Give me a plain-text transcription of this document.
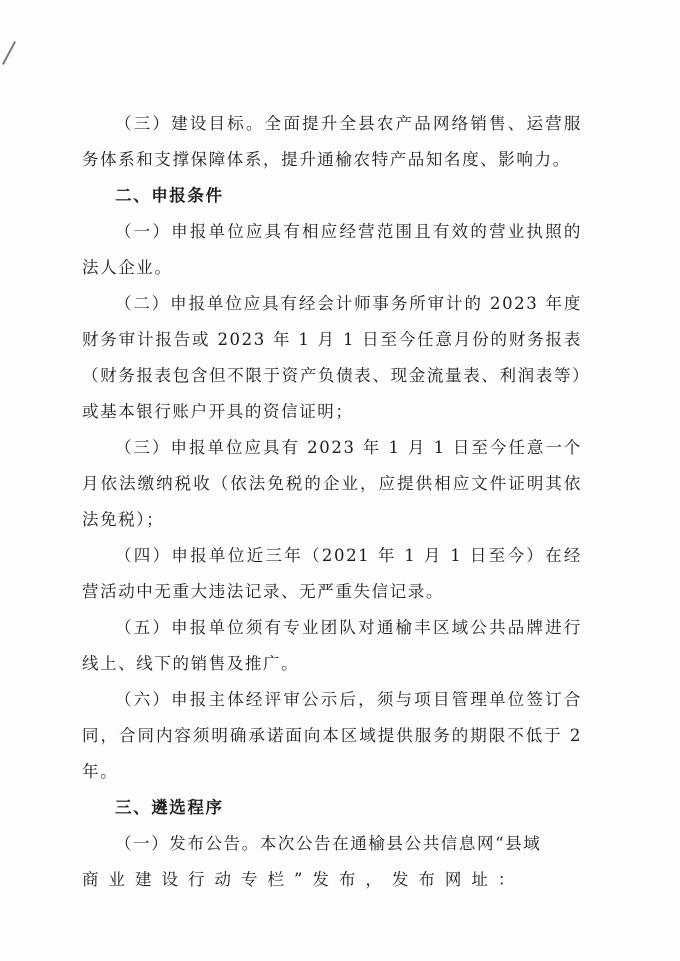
（三）建设目标。全面提升全县农产品网络销售、运营服务体系和支撑保障体系，提升通榆农特产品知名度、影响力。

二、申报条件

（一）申报单位应具有相应经营范围且有效的营业执照的法人企业。

（二）申报单位应具有经会计师事务所审计的 2023 年度财务审计报告或 2023 年 1 月 1 日至今任意月份的财务报表（财务报表包含但不限于资产负债表、现金流量表、利润表等）或基本银行账户开具的资信证明；

（三）申报单位应具有 2023 年 1 月 1 日至今任意一个月依法缴纳税收（依法免税的企业，应提供相应文件证明其依法免税）；

（四）申报单位近三年（2021 年 1 月 1 日至今）在经营活动中无重大违法记录、无严重失信记录。

（五）申报单位须有专业团队对通榆丰区域公共品牌进行线上、线下的销售及推广。

（六）申报主体经评审公示后，须与项目管理单位签订合同，合同内容须明确承诺面向本区域提供服务的期限不低于 2 年。

三、遴选程序

（一）发布公告。本次公告在通榆县公共信息网“县域

商业建设行动专栏”发布，发布网址：
